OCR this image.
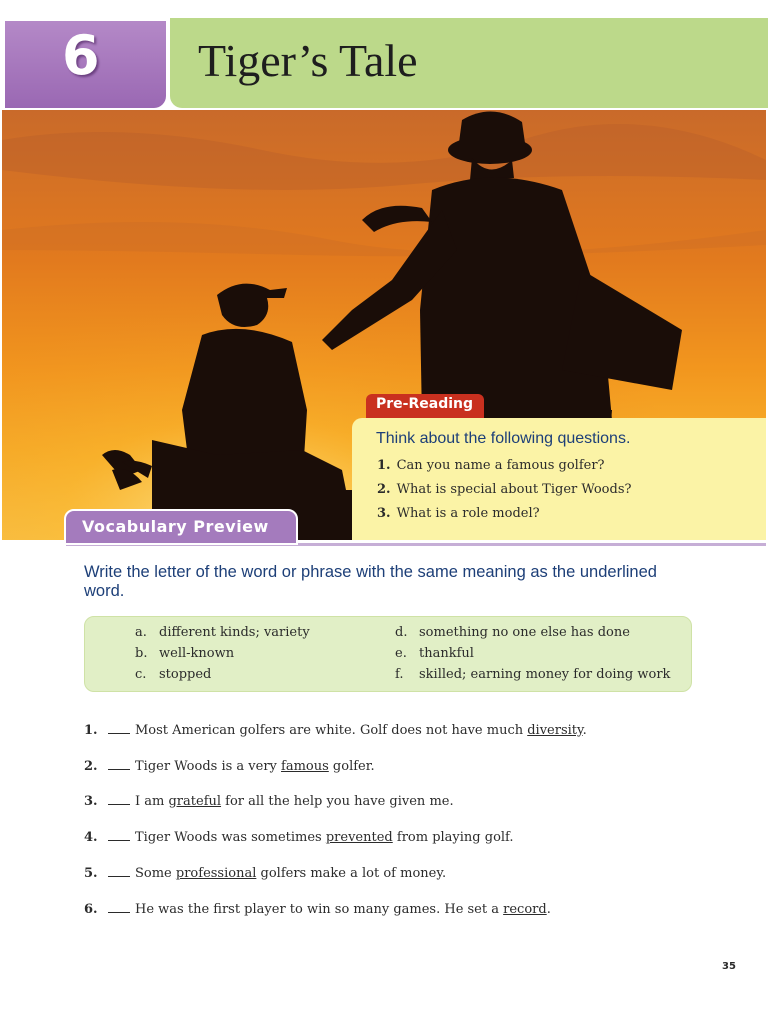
6 Tiger’s Tale
Pre-Reading
Think about the following questions.
1. Can you name a famous golfer?
2. What is special about Tiger Woods?
3. What is a role model?
Vocabulary Preview
Write the letter of the word or phrase with the same meaning as the underlined word.
a. different kinds; variety
b. well-known
c. stopped
d. something no one else has done
e. thankful
f. skilled; earning money for doing work
1.	Most American golfers are white. Golf does not have much diversity.
2.	Tiger Woods is a very famous golfer.
3.	I am grateful for all the help you have given me.
4.	Tiger Woods was sometimes prevented from playing golf.
5.	Some professional golfers make a lot of money.
6.	He was the first player to win so many games. He set a record.
35
